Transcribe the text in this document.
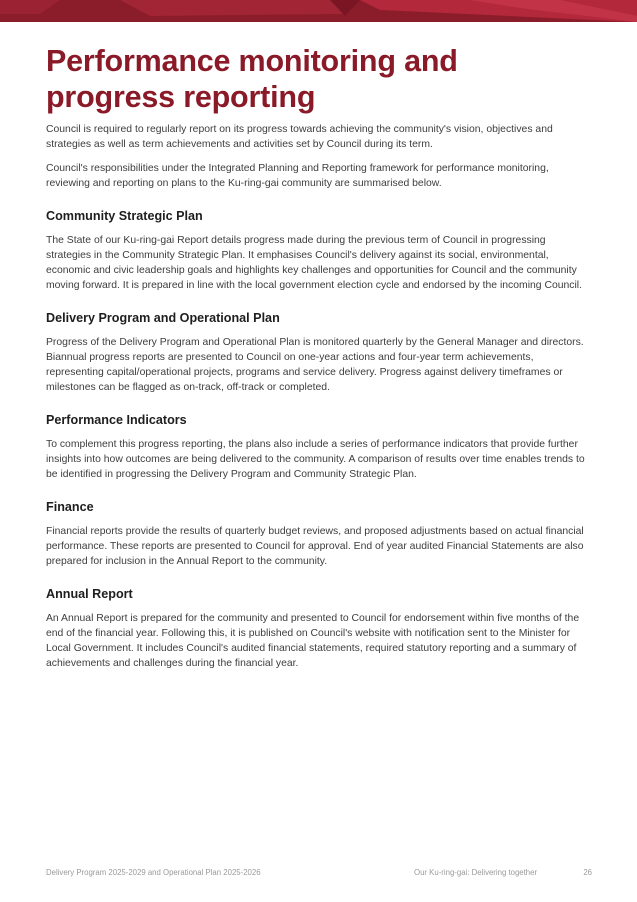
Performance monitoring and progress reporting

Council is required to regularly report on its progress towards achieving the community's vision, objectives and strategies as well as term achievements and activities set by Council during its term.

Council's responsibilities under the Integrated Planning and Reporting framework for performance monitoring, reviewing and reporting on plans to the Ku-ring-gai community are summarised below.

Community Strategic Plan

The State of our Ku-ring-gai Report details progress made during the previous term of Council in progressing strategies in the Community Strategic Plan. It emphasises Council's delivery against its social, environmental, economic and civic leadership goals and highlights key challenges and opportunities for Council and the community moving forward. It is prepared in line with the local government election cycle and endorsed by the incoming Council.

Delivery Program and Operational Plan

Progress of the Delivery Program and Operational Plan is monitored quarterly by the General Manager and directors. Biannual progress reports are presented to Council on one-year actions and four-year term achievements, representing capital/operational projects, programs and service delivery. Progress against delivery timeframes or milestones can be flagged as on-track, off-track or completed.

Performance Indicators

To complement this progress reporting, the plans also include a series of performance indicators that provide further insights into how outcomes are being delivered to the community. A comparison of results over time enables trends to be identified in progressing the Delivery Program and Community Strategic Plan.

Finance

Financial reports provide the results of quarterly budget reviews, and proposed adjustments based on actual financial performance. These reports are presented to Council for approval. End of year audited Financial Statements are also prepared for inclusion in the Annual Report to the community.

Annual Report

An Annual Report is prepared for the community and presented to Council for endorsement within five months of the end of the financial year. Following this, it is published on Council's website with notification sent to the Minister for Local Government. It includes Council's audited financial statements, required statutory reporting and a summary of achievements and challenges during the financial year.

Delivery Program 2025-2029 and Operational Plan 2025-2026	Our Ku-ring-gai: Delivering together	26
